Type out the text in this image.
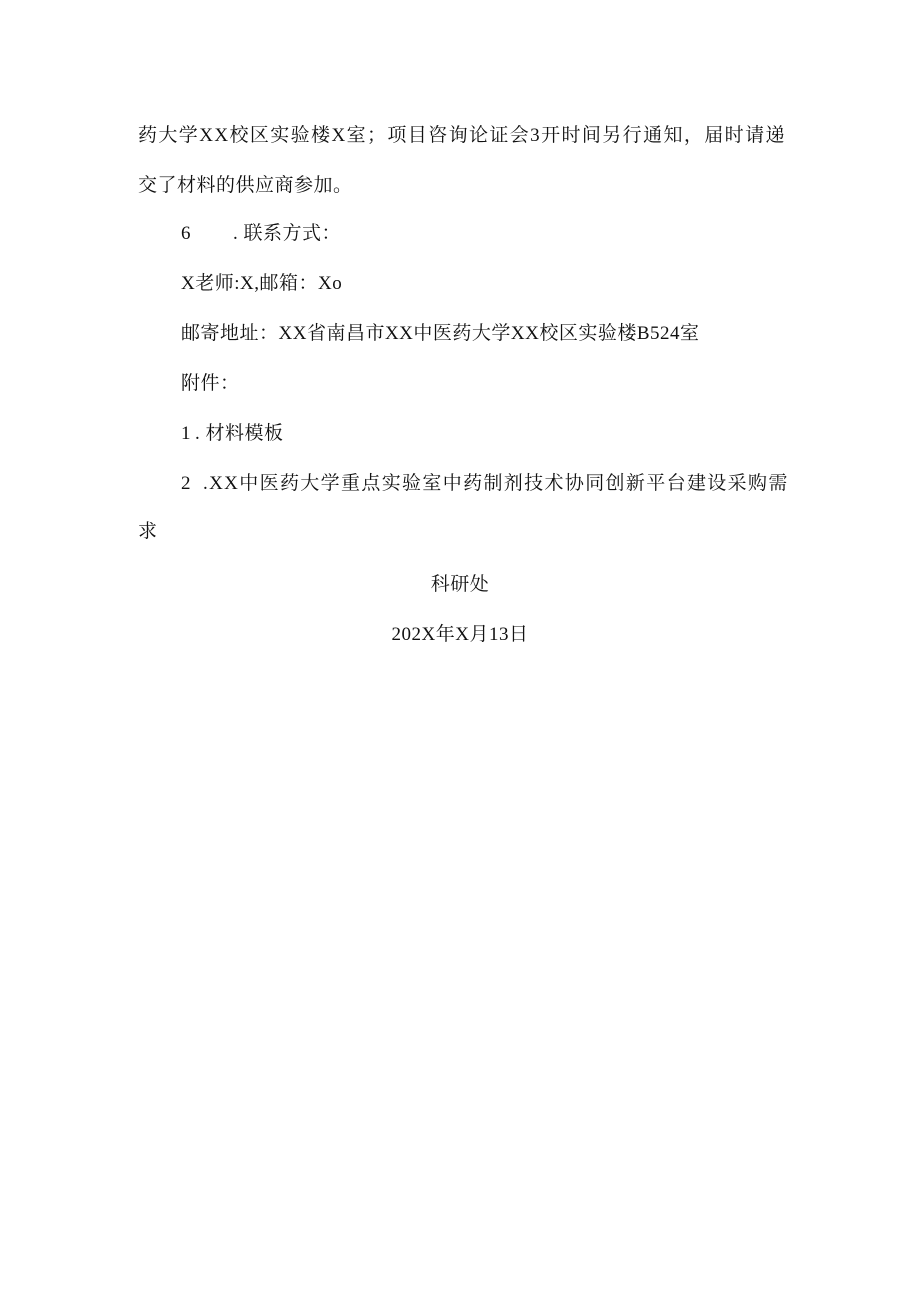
药大学XX校区实验楼X室；项目咨询论证会3开时间另行通知，届时请递
交了材料的供应商参加。
6 . 联系方式：
X老师:X,邮箱：Xo
邮寄地址：XX省南昌市XX中医药大学XX校区实验楼B524室
附件：
1 . 材料模板
2 .XX中医药大学重点实验室中药制剂技术协同创新平台建设采购需
求
科研处
202X年X月13日
